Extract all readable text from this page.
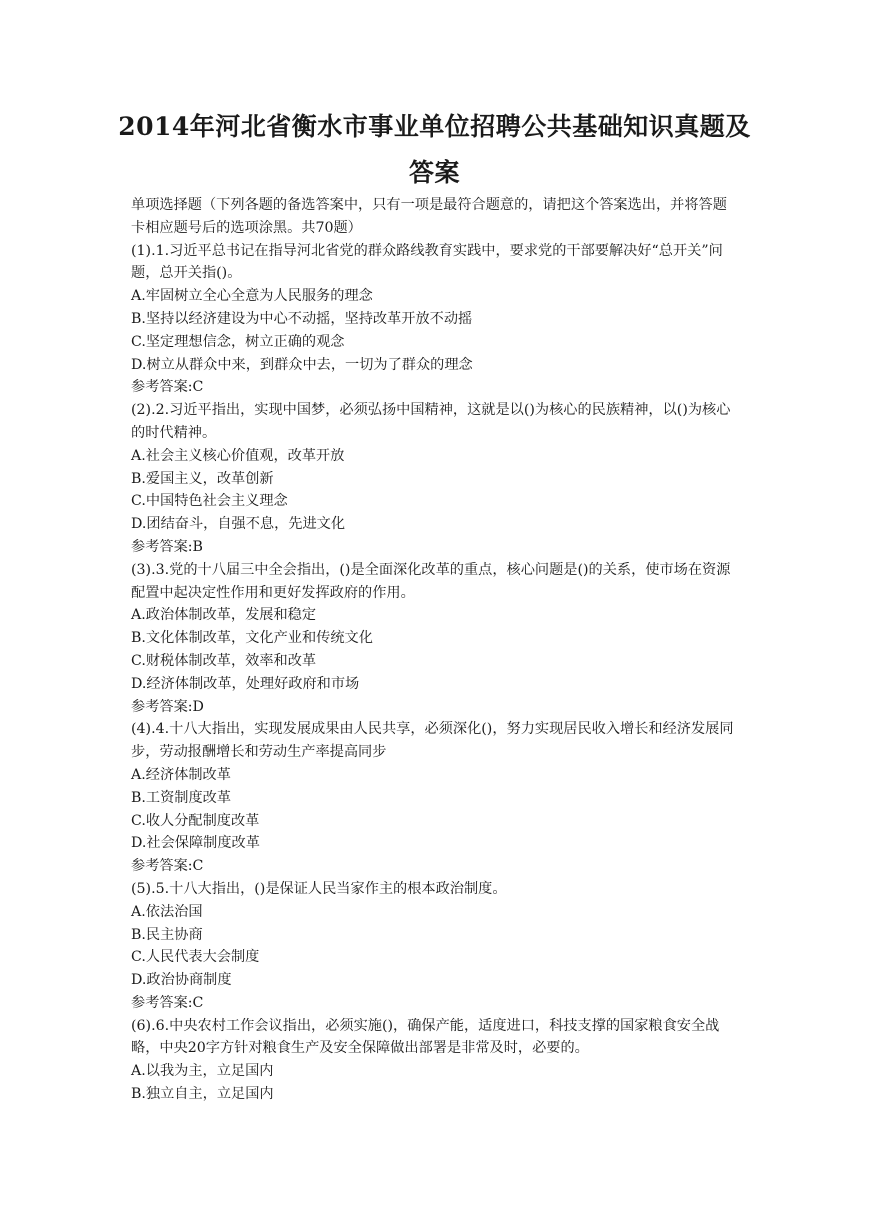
2014年河北省衡水市事业单位招聘公共基础知识真题及答案

单项选择题（下列各题的备选答案中，只有一项是最符合题意的，请把这个答案选出，并将答题卡相应题号后的选项涂黑。共70题）

(1).1.习近平总书记在指导河北省党的群众路线教育实践中，要求党的干部要解决好“总开关”问题，总开关指()。

A.牢固树立全心全意为人民服务的理念

B.坚持以经济建设为中心不动摇，坚持改革开放不动摇

C.坚定理想信念，树立正确的观念

D.树立从群众中来，到群众中去，一切为了群众的理念

参考答案:C

(2).2.习近平指出，实现中国梦，必须弘扬中国精神，这就是以()为核心的民族精神，以()为核心的时代精神。

A.社会主义核心价值观，改革开放

B.爱国主义，改革创新

C.中国特色社会主义理念

D.团结奋斗，自强不息，先进文化

参考答案:B

(3).3.党的十八届三中全会指出，()是全面深化改革的重点，核心问题是()的关系，使市场在资源配置中起决定性作用和更好发挥政府的作用。

A.政治体制改革，发展和稳定

B.文化体制改革，文化产业和传统文化

C.财税体制改革，效率和改革

D.经济体制改革，处理好政府和市场

参考答案:D

(4).4.十八大指出，实现发展成果由人民共享，必须深化()，努力实现居民收入增长和经济发展同步，劳动报酬增长和劳动生产率提高同步

A.经济体制改革

B.工资制度改革

C.收人分配制度改革

D.社会保障制度改革

参考答案:C

(5).5.十八大指出，()是保证人民当家作主的根本政治制度。

A.依法治国

B.民主协商

C.人民代表大会制度

D.政治协商制度

参考答案:C

(6).6.中央农村工作会议指出，必须实施()，确保产能，适度进口，科技支撑的国家粮食安全战略，中央20字方针对粮食生产及安全保障做出部署是非常及时，必要的。

A.以我为主，立足国内

B.独立自主，立足国内
